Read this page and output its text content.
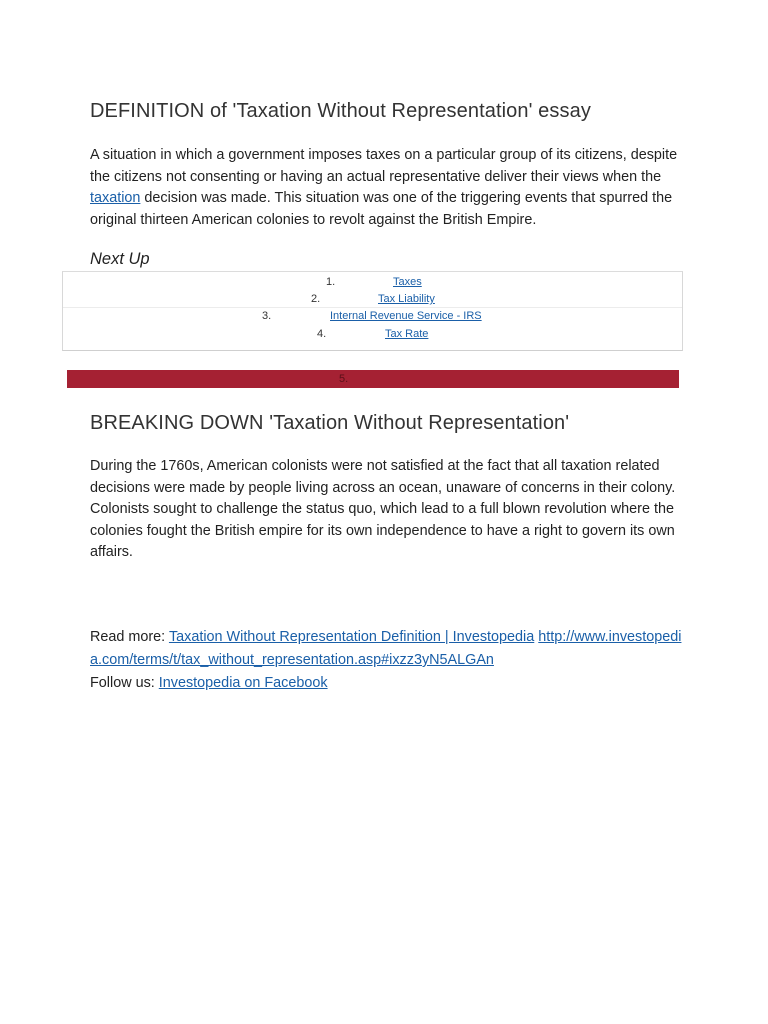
DEFINITION of 'Taxation Without Representation' essay

A situation in which a government imposes taxes on a particular group of its citizens, despite the citizens not consenting or having an actual representative deliver their views when the taxation decision was made. This situation was one of the triggering events that spurred the original thirteen American colonies to revolt against the British Empire.

Next Up
1.	Taxes
2.	Tax Liability
3.	Internal Revenue Service - IRS
4.	Tax Rate
5.
BREAKING DOWN 'Taxation Without Representation'

During the 1760s, American colonists were not satisfied at the fact that all taxation related decisions were made by people living across an ocean, unaware of concerns in their colony. Colonists sought to challenge the status quo, which lead to a full blown revolution where the colonies fought the British empire for its own independence to have a right to govern its own affairs.

Read more: Taxation Without Representation Definition | Investopedia http://www.investopedia.com/terms/t/tax_without_representation.asp#ixzz3yN5ALGAn
Follow us: Investopedia on Facebook
